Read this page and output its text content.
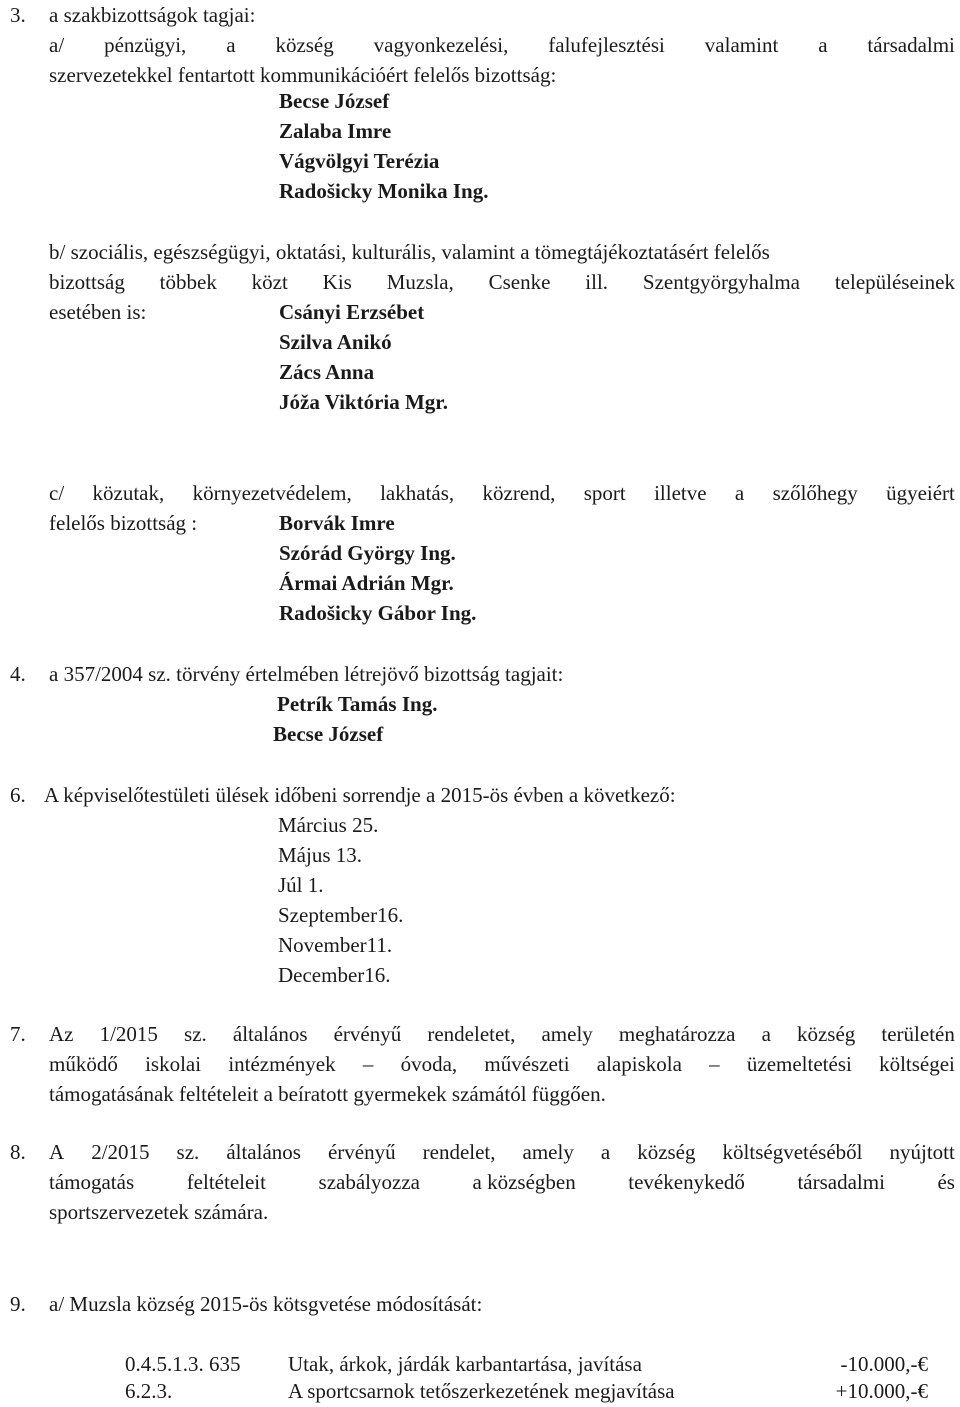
3. a szakbizottságok tagjai:
a/ pénzügyi, a község vagyonkezelési, falufejlesztési valamint a társadalmi
szervezetekkel fentartott kommunikációért felelős bizottság:
Becse József
Zalaba Imre
Vágvölgyi Terézia
Radošicky Monika Ing.
b/ szociális, egészségügyi, oktatási, kulturális, valamint a tömegtájékoztatásért felelős
bizottság többek közt Kis Muzsla, Csenke ill. Szentgyörgyhalma településeinek
esetében is:	Csányi Erzsébet
Szilva Anikó
Zács Anna
Jóža Viktória Mgr.
c/ közutak, környezetvédelem, lakhatás, közrend, sport illetve a szőlőhegy ügyeiért
felelős bizottság :	Borvák Imre
Szórád György Ing.
Ármai Adrián Mgr.
Radošicky Gábor Ing.
4. a 357/2004 sz. törvény értelmében létrejövő bizottság tagjait:
Petrík Tamás Ing.
Becse József
6. A képviselőtestületi ülések időbeni sorrendje a 2015-ös évben a következő:
Március 25.
Május 13.
Júl 1.
Szeptember16.
November11.
December16.
7. Az 1/2015 sz. általános érvényű rendeletet, amely meghatározza a község területén
működő iskolai intézmények – óvoda, művészeti alapiskola – üzemeltetési költségei
támogatásának feltételeit a beíratott gyermekek számától függően.
8. A 2/2015 sz. általános érvényű rendelet, amely a község költségvetéséből nyújtott
támogatás	feltételeit	szabályozza	a községben	tevékenykedő	társadalmi	és
sportszervezetek számára.
9. a/ Muzsla község 2015-ös kötsgvetése módosítását:
0.4.5.1.3. 635 Utak, árkok, járdák karbantartása, javítása	-10.000,-€
6.2.3.	A sportcsarnok tetőszerkezetének megjavítása	+10.000,-€
